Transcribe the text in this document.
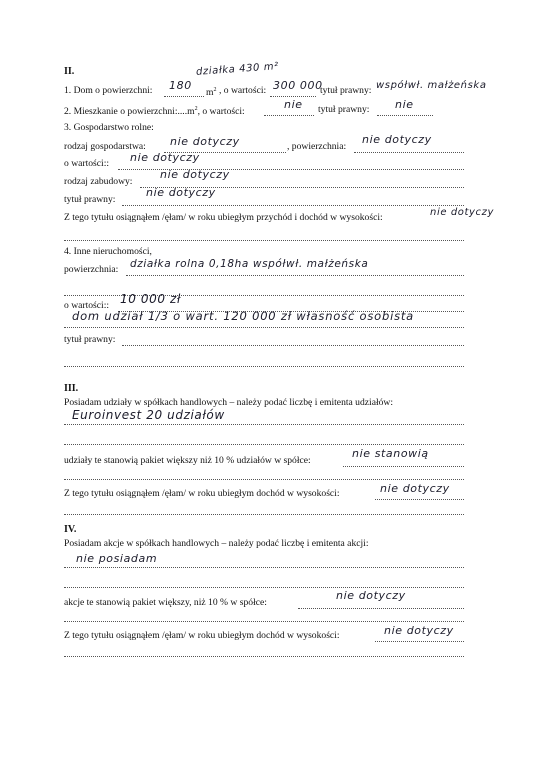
II.
1. Dom o powierzchni: 180
działka 430 m²
$m^2$ , o wartości: 300 000
tytuł prawny: współwł. małżeńska
2. Mieszkanie o $powierzchni:....m^2$, o wartości:
nie tytuł prawny: nie
3. Gospodarstwo rolne:
rodzaj gospodarstwa: nie dotyczy	, powierzchnia:
nie dotyczy
o wartości:: nie dotyczy
rodzaj zabudowy:
nie dotyczy
tytuł prawny:
nie dotyczy
Z tego tytułu osiągnąłem /ęłam/ w roku ubiegłym przychód i dochód w wysokości:	nie dotyczy
4. Inne nieruchomości,
powierzchnia: działka rolna 0,18ha współwł. małżeńska
o wartości:: 10 000 zł
dom udział 1/3 o wart. 120 000 zł własność osobista
tytuł prawny:
III.
Posiadam udziały w spółkach handlowych – należy podać liczbę i emitenta udziałów:
Euroinvest 20 udziałów
udziały te stanowią pakiet większy niż 10 % udziałów w spółce:
nie stanowią
Z tego tytułu osiągnąłem /ęłam/ w roku ubiegłym dochód w wysokości:	nie dotyczy
IV.
Posiadam akcje w spółkach handlowych – należy podać liczbę i emitenta akcji:
nie posiadam
akcje te stanowią pakiet większy, niż 10 % w spółce:
nie dotyczy
Z tego tytułu osiągnąłem /ęłam/ w roku ubiegłym dochód w wysokości:	nie dotyczy
